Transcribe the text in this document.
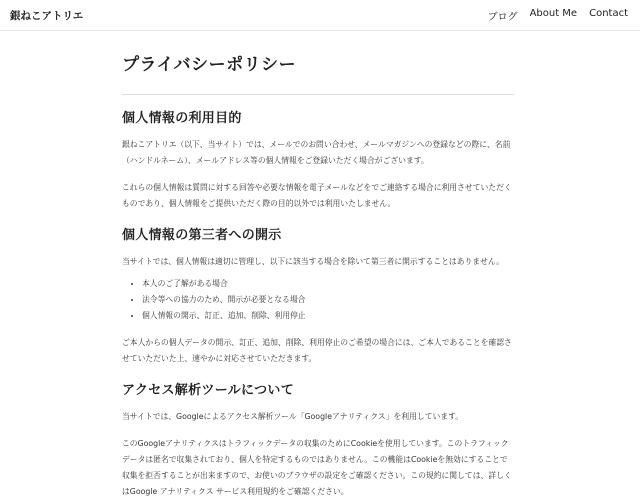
銀ねこアトリエ	ブログ About Me Contact
プライバシーポリシー
個人情報の利用目的

銀ねこアトリエ（以下、当サイト）では、メールでのお問い合わせ、メールマガジンへの登録などの際に、名前（ハンドルネーム）、メールアドレス等の個人情報をご登録いただく場合がございます。

これらの個人情報は質問に対する回答や必要な情報を電子メールなどをでご連絡する場合に利用させていただくものであり、個人情報をご提供いただく際の目的以外では利用いたしません。

個人情報の第三者への開示

当サイトでは、個人情報は適切に管理し、以下に該当する場合を除いて第三者に開示することはありません。

• 本人のご了解がある場合
• 法令等への協力のため、開示が必要となる場合
• 個人情報の開示、訂正、追加、削除、利用停止

ご本人からの個人データの開示、訂正、追加、削除、利用停止のご希望の場合には、ご本人であることを確認させていただいた上、速やかに対応させていただきます。

アクセス解析ツールについて

当サイトでは、Googleによるアクセス解析ツール「Googleアナリティクス」を利用しています。

このGoogleアナリティクスはトラフィックデータの収集のためにCookieを使用しています。このトラフィックデータは匿名で収集されており、個人を特定するものではありません。この機能はCookieを無効にすることで収集を拒否することが出来ますので、お使いのブラウザの設定をご確認ください。この規約に関しては、詳しくはGoogle アナリティクス サービス利用規約をご確認ください。
